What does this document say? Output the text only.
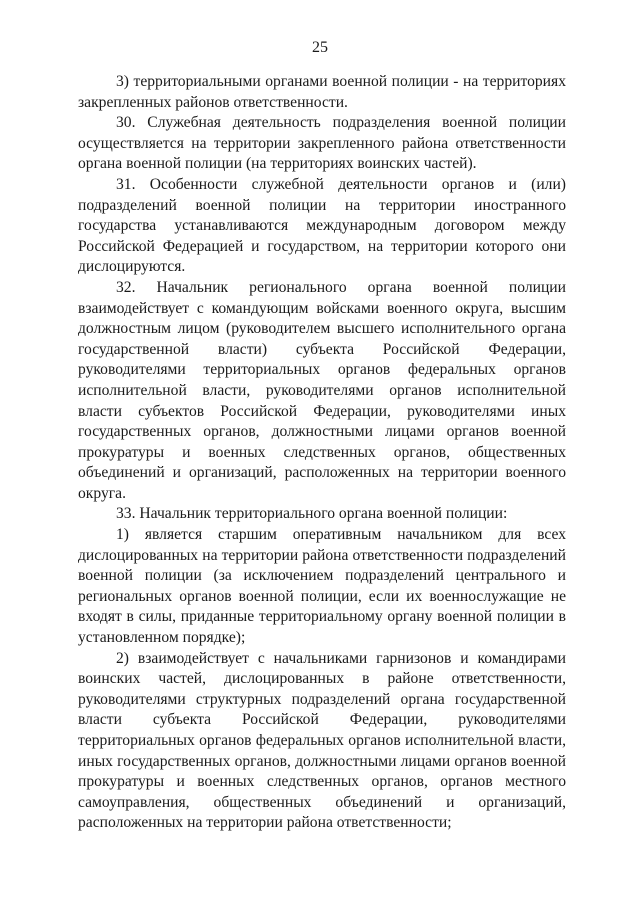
25

3) территориальными органами военной полиции - на территориях закрепленных районов ответственности.

30. Служебная деятельность подразделения военной полиции осуществляется на территории закрепленного района ответственности органа военной полиции (на территориях воинских частей).

31. Особенности служебной деятельности органов и (или) подразделений военной полиции на территории иностранного государства устанавливаются международным договором между Российской Федерацией и государством, на территории которого они дислоцируются.

32. Начальник регионального органа военной полиции взаимодействует с командующим войсками военного округа, высшим должностным лицом (руководителем высшего исполнительного органа государственной власти) субъекта Российской Федерации, руководителями территориальных органов федеральных органов исполнительной власти, руководителями органов исполнительной власти субъектов Российской Федерации, руководителями иных государственных органов, должностными лицами органов военной прокуратуры и военных следственных органов, общественных объединений и организаций, расположенных на территории военного округа.

33. Начальник территориального органа военной полиции:

1) является старшим оперативным начальником для всех дислоцированных на территории района ответственности подразделений военной полиции (за исключением подразделений центрального и региональных органов военной полиции, если их военнослужащие не входят в силы, приданные территориальному органу военной полиции в установленном порядке);

2) взаимодействует с начальниками гарнизонов и командирами воинских частей, дислоцированных в районе ответственности, руководителями структурных подразделений органа государственной власти субъекта Российской Федерации, руководителями территориальных органов федеральных органов исполнительной власти, иных государственных органов, должностными лицами органов военной прокуратуры и военных следственных органов, органов местного самоуправления, общественных объединений и организаций, расположенных на территории района ответственности;
